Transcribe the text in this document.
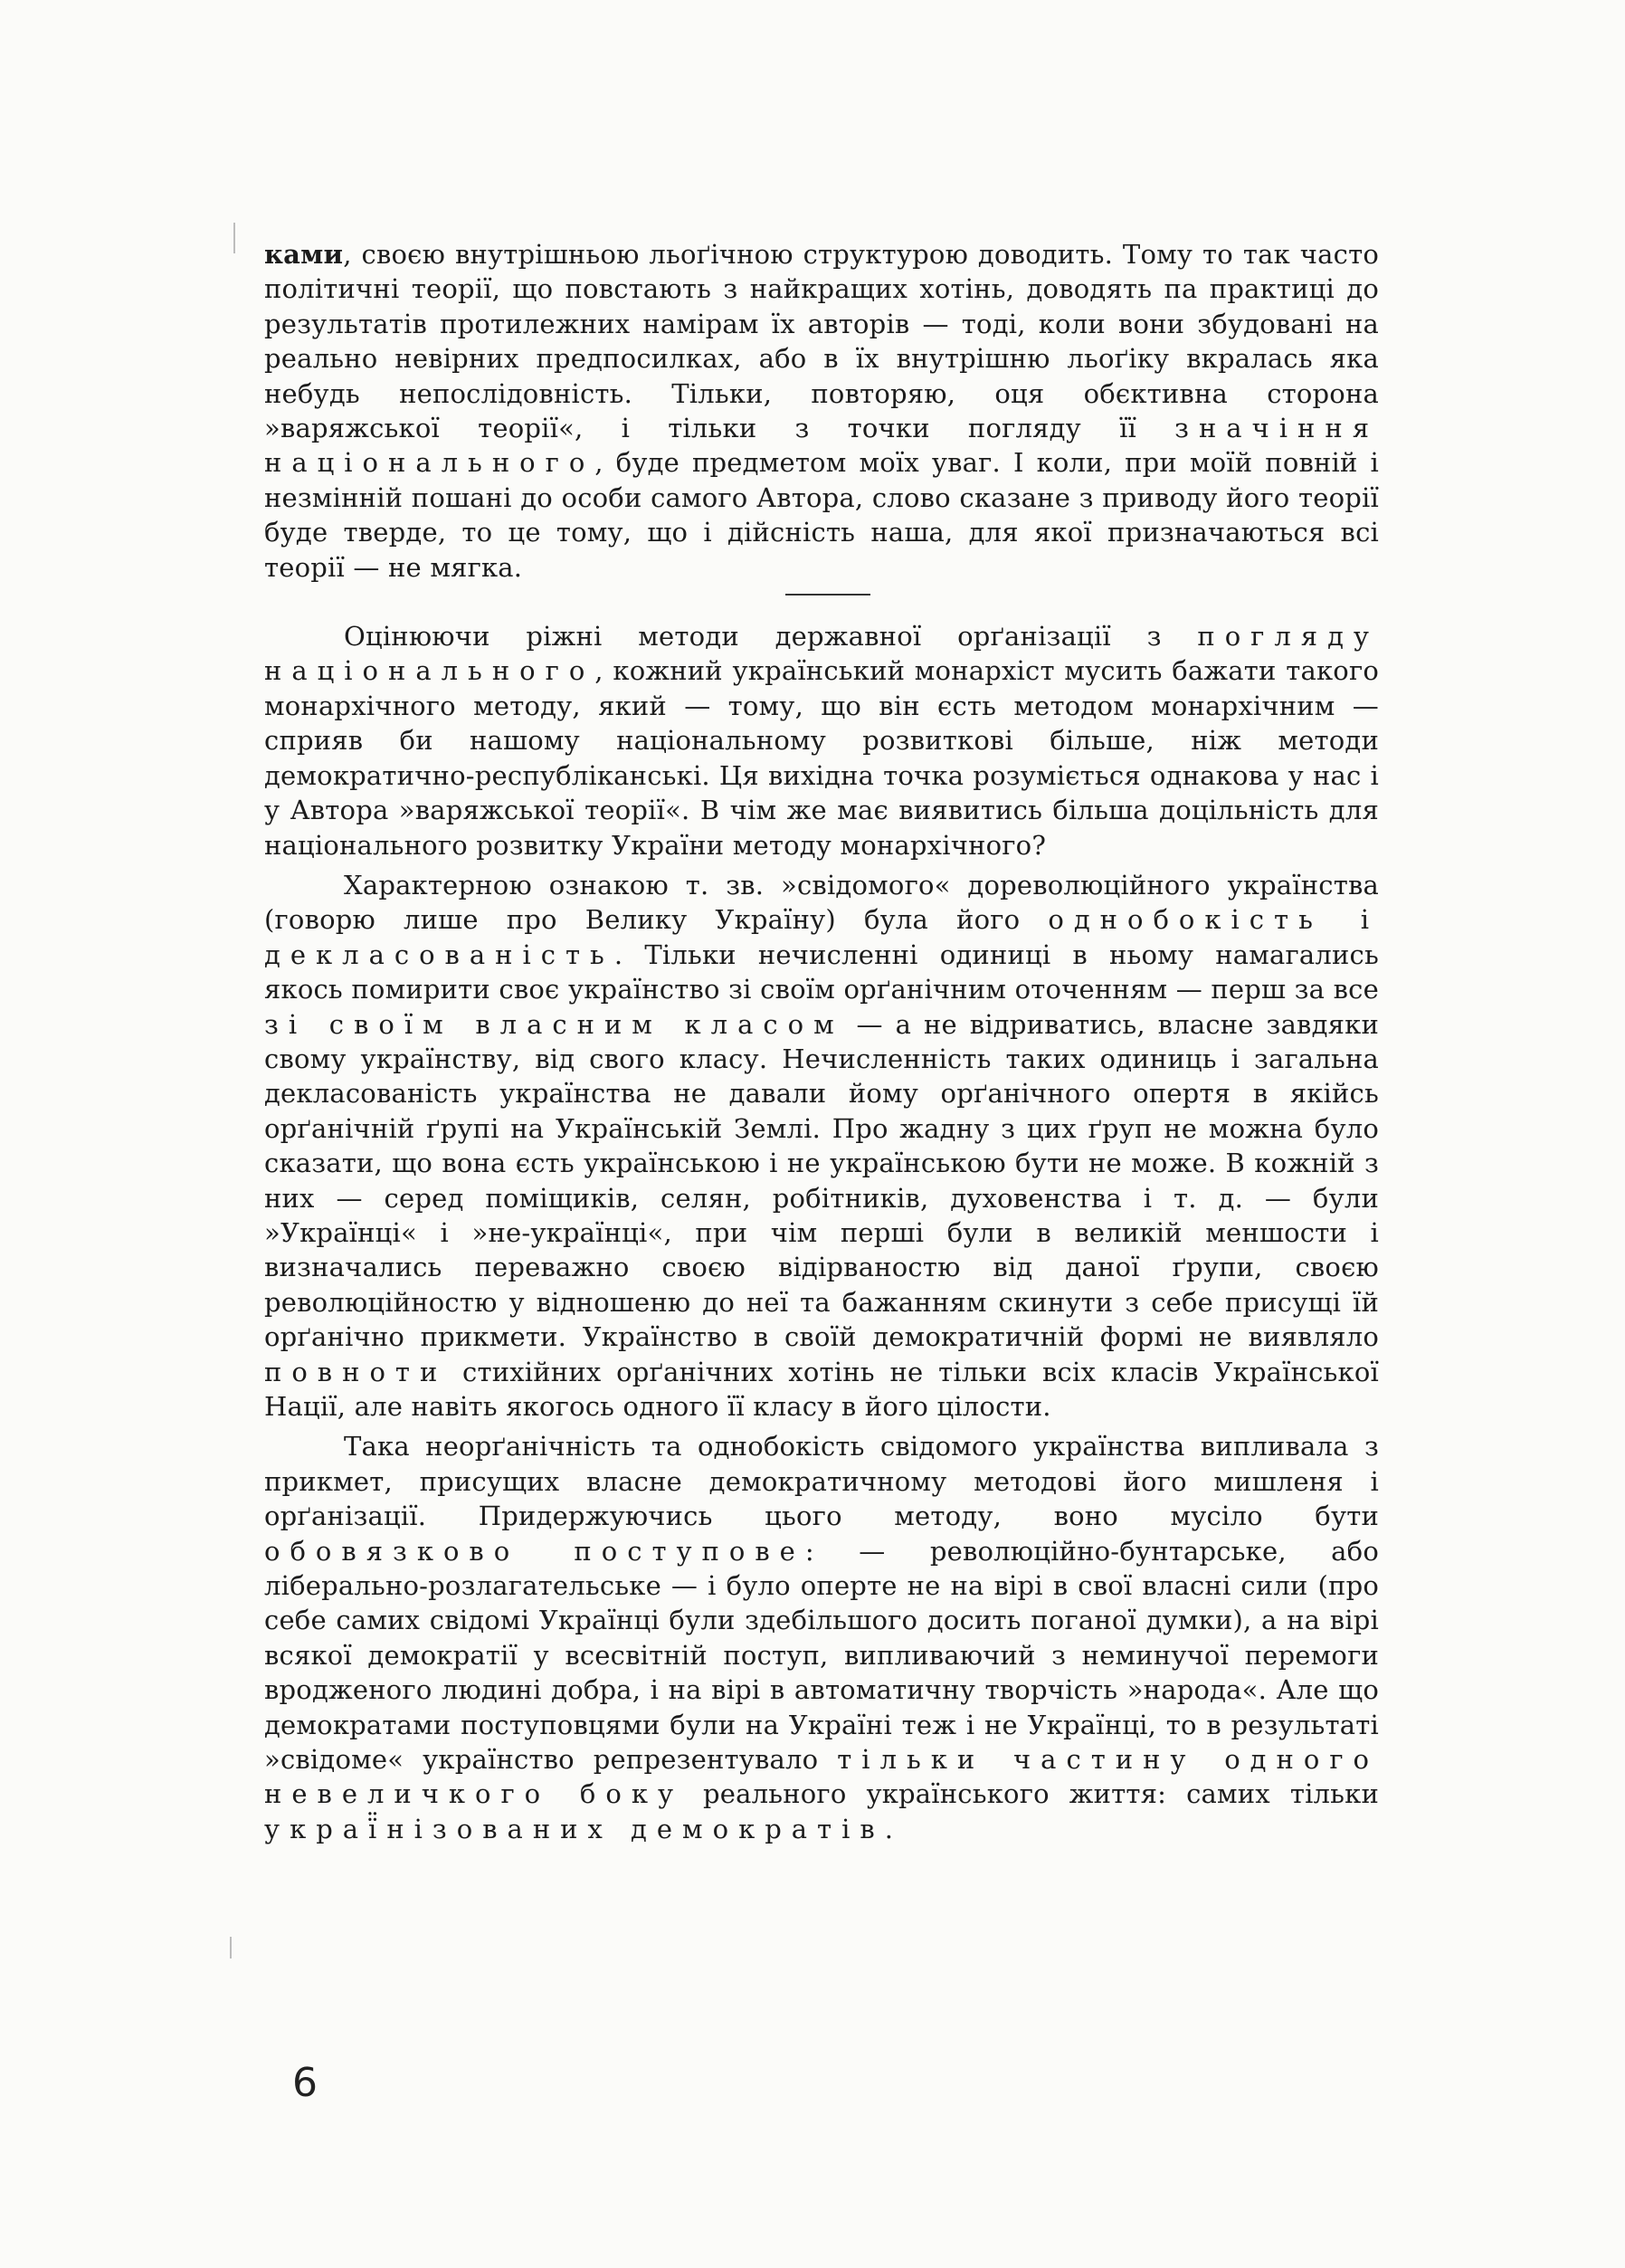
ками, своєю внутрішньою льоґічною структурою доводить. Тому то так часто політичні теорії, що повстають з найкращих хотінь, доводять па практиці до результатів протилежних намірам їх авторів — тоді, коли вони збудовані на реально невірних предпосилках, або в їх внутрішню льоґіку вкралась яка небудь непослідовність. Тільки, повторяю, оця обєктивна сторона »варяжської теорії«, і тільки з точки погляду її значіння національного, буде предметом моїх уваг. І коли, при моїй повній і незмінній пошані до особи самого Автора, слово сказане з приводу його теорії буде тверде, то це тому, що і дійсність наша, для якої призначаються всі теорії — не мягка.

Оцінюючи ріжні методи державної орґанізації з погляду національного, кожний український монархіст мусить бажати такого монархічного методу, який — тому, що він єсть методом монархічним — сприяв би нашому національному розвиткові більше, ніж методи демократично-республіканські. Ця вихідна точка розуміється однакова у нас і у Автора »варяжської теорії«. В чім же має виявитись більша доцільність для національного розвитку України методу монархічного?

Характерною ознакою т. зв. »свідомого« дореволюційного українства (говорю лише про Велику Україну) була його однобокість і декласованість. Тільки нечисленні одиниці в ньому намагались якось помирити своє українство зі своїм орґанічним оточенням — перш за все зі своїм власним класом — а не відриватись, власне завдяки свому українству, від свого класу. Нечисленність таких одиниць і загальна декласованість українства не давали йому орґанічного опертя в якійсь орґанічній ґрупі на Українській Землі. Про жадну з цих ґруп не можна було сказати, що вона єсть українською і не українською бути не може. В кожній з них — серед поміщиків, селян, робітників, духовенства і т. д. — були »Українці« і »не-українці«, при чім перші були в великій меншости і визначались переважно своєю відірваностю від даної ґрупи, своєю революційностю у відношеню до неї та бажанням скинути з себе присущі їй орґанічно прикмети. Українство в своїй демократичній формі не виявляло повноти стихійних орґанічних хотінь не тільки всіх класів Української Нації, але навіть якогось одного її класу в його цілости.

Така неорґанічність та однобокість свідомого українства випливала з прикмет, присущих власне демократичному методові його мишленя і орґанізації. Придержуючись цього методу, воно мусіло бути обовязково поступове: — революційно-бунтарське, або ліберально-розлагательське — і було оперте не на вірі в свої власні сили (про себе самих свідомі Українці були здебільшого досить поганої думки), а на вірі всякої демократії у всесвітній поступ, випливаючий з неминучої перемоги вродженого людині добра, і на вірі в автоматичну творчість »народа«. Але що демократами поступовцями були на Україні теж і не Українці, то в результаті »свідоме« українство репрезентувало тільки частину одного невеличкого боку реального українського життя: самих тільки украї̈нізованих демократів.

6
